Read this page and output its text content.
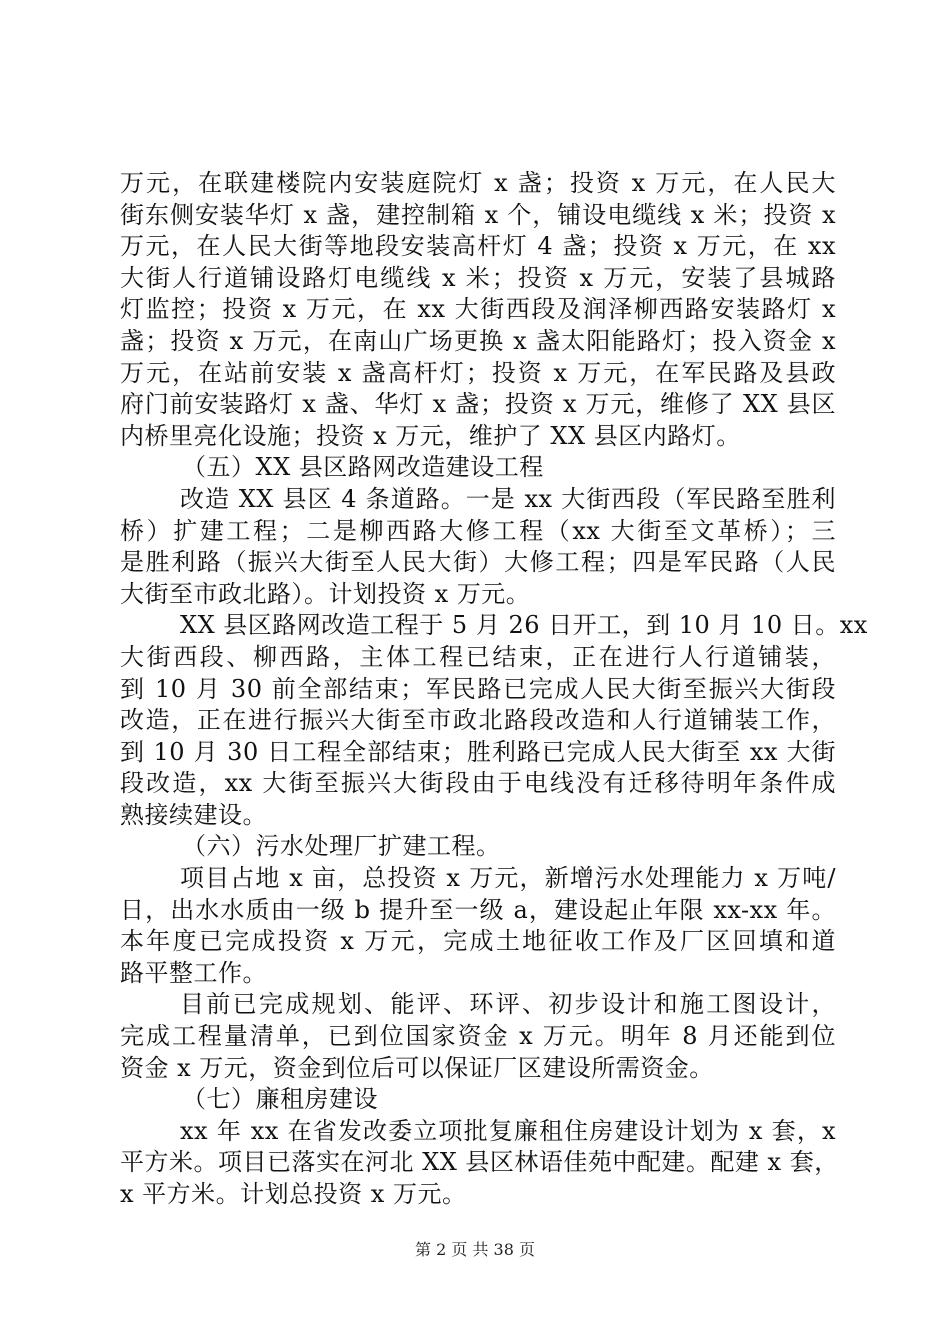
万元，在联建楼院内安装庭院灯 x 盏；投资 x 万元，在人民大
街东侧安装华灯 x 盏，建控制箱 x 个，铺设电缆线 x 米；投资 x
万元，在人民大街等地段安装高杆灯 4 盏；投资 x 万元，在 xx
大街人行道铺设路灯电缆线 x 米；投资 x 万元，安装了县城路
灯监控；投资 x 万元，在 xx 大街西段及润泽柳西路安装路灯 x
盏；投资 x 万元，在南山广场更换 x 盏太阳能路灯；投入资金 x
万元，在站前安装 x 盏高杆灯；投资 x 万元，在军民路及县政
府门前安装路灯 x 盏、华灯 x 盏；投资 x 万元，维修了 XX 县区
内桥里亮化设施；投资 x 万元，维护了 XX 县区内路灯。
（五）XX 县区路网改造建设工程
改造 XX 县区 4 条道路。一是 xx 大街西段（军民路至胜利
桥）扩建工程；二是柳西路大修工程（xx 大街至文革桥）；三
是胜利路（振兴大街至人民大街）大修工程；四是军民路（人民
大街至市政北路）。计划投资 x 万元。
XX 县区路网改造工程于 5 月 26 日开工，到 10 月 10 日。xx
大街西段、柳西路，主体工程已结束，正在进行人行道铺装，
到 10 月 30 前全部结束；军民路已完成人民大街至振兴大街段
改造，正在进行振兴大街至市政北路段改造和人行道铺装工作，
到 10 月 30 日工程全部结束；胜利路已完成人民大街至 xx 大街
段改造，xx 大街至振兴大街段由于电线没有迁移待明年条件成
熟接续建设。
（六）污水处理厂扩建工程。
项目占地 x 亩，总投资 x 万元，新增污水处理能力 x 万吨/
日，出水水质由一级 b 提升至一级 a，建设起止年限 xx-xx 年。
本年度已完成投资 x 万元，完成土地征收工作及厂区回填和道
路平整工作。
目前已完成规划、能评、环评、初步设计和施工图设计，
完成工程量清单，已到位国家资金 x 万元。明年 8 月还能到位
资金 x 万元，资金到位后可以保证厂区建设所需资金。
（七）廉租房建设
xx 年 xx 在省发改委立项批复廉租住房建设计划为 x 套，x
平方米。项目已落实在河北 XX 县区林语佳苑中配建。配建 x 套，
x 平方米。计划总投资 x 万元。
第 2 页 共 38 页
